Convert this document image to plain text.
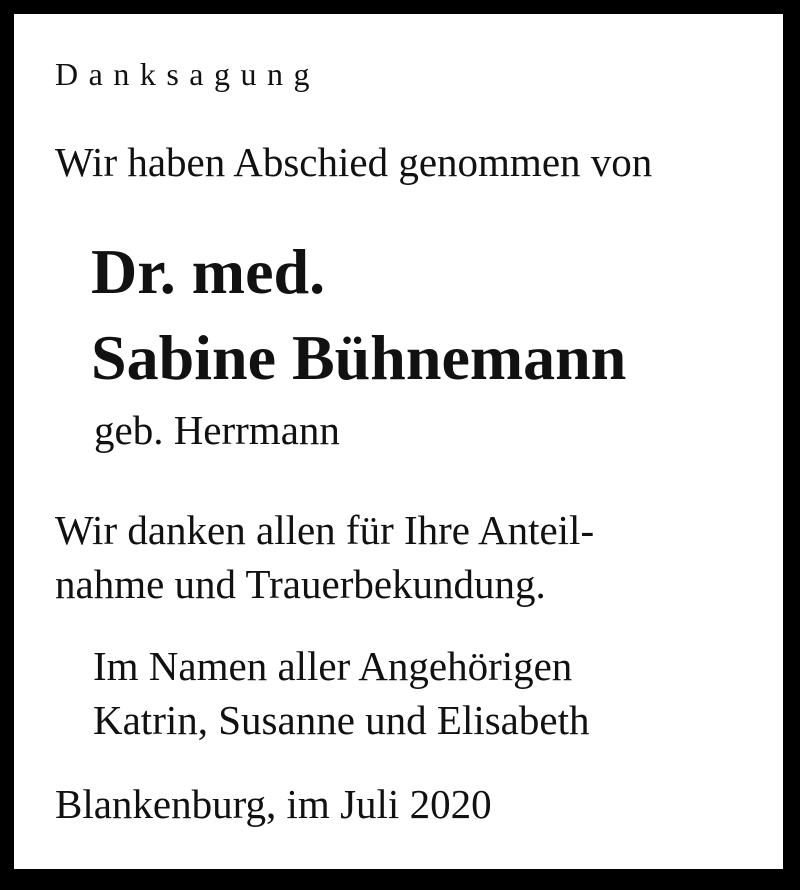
Danksagung
Wir haben Abschied genommen von
Dr. med.
Sabine Bühnemann
geb. Herrmann
Wir danken allen für Ihre Anteil-
nahme und Trauerbekundung.
Im Namen aller Angehörigen
Katrin, Susanne und Elisabeth
Blankenburg, im Juli 2020
